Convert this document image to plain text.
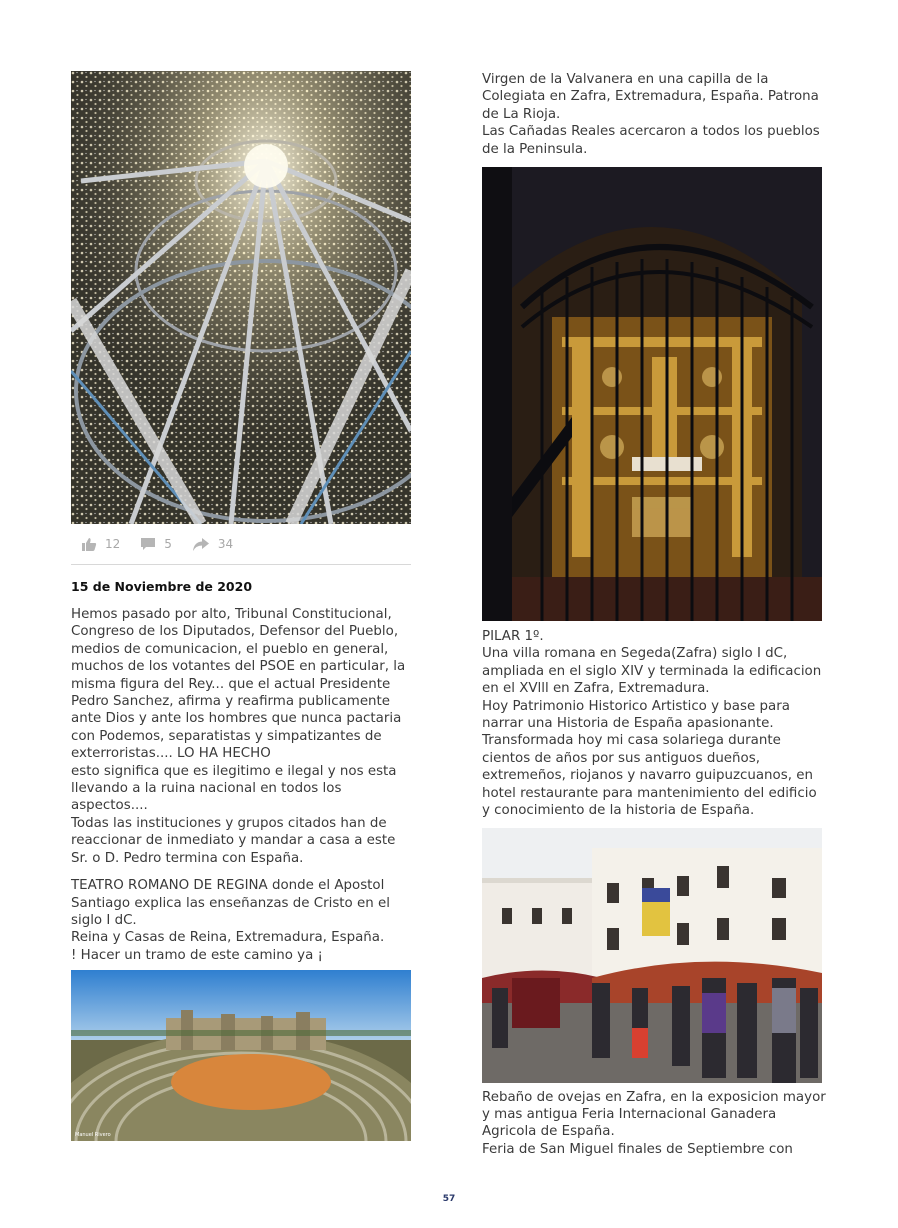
12	5	34
15 de Noviembre de 2020

Hemos pasado por alto, Tribunal Constitucional,
Congreso de los Diputados, Defensor del Pueblo,
medios de comunicacion, el pueblo en general,
muchos de los votantes del PSOE en particular, la
misma figura del Rey... que el actual Presidente
Pedro Sanchez, afirma y reafirma publicamente
ante Dios y ante los hombres que nunca pactaria
con Podemos, separatistas y simpatizantes de
exterroristas.... LO HA HECHO
esto significa que es ilegitimo e ilegal y nos esta
llevando a la ruina nacional en todos los
aspectos....
Todas las instituciones y grupos citados han de
reaccionar de inmediato y mandar a casa a este
Sr. o D. Pedro termina con España.

TEATRO ROMANO DE REGINA donde el Apostol
Santiago explica las enseñanzas de Cristo en el
siglo I dC.
Reina y Casas de Reina, Extremadura, España.
! Hacer un tramo de este camino ya ¡

Manuel Rivero

Virgen de la Valvanera en una capilla de la
Colegiata en Zafra, Extremadura, España. Patrona
de La Rioja.
Las Cañadas Reales acercaron a todos los pueblos
de la Peninsula.

PILAR 1º.
Una villa romana en Segeda(Zafra) siglo I dC,
ampliada en el siglo XIV y terminada la edificacion
en el XVlll en Zafra, Extremadura.
Hoy Patrimonio Historico Artistico y base para
narrar una Historia de España apasionante.
Transformada hoy mi casa solariega durante
cientos de años por sus antiguos dueños,
extremeños, riojanos y navarro guipuzcuanos, en
hotel restaurante para mantenimiento del edificio
y conocimiento de la historia de España.

Rebaño de ovejas en Zafra, en la exposicion mayor
y mas antigua Feria Internacional Ganadera
Agricola de España.
Feria de San Miguel finales de Septiembre con

57
